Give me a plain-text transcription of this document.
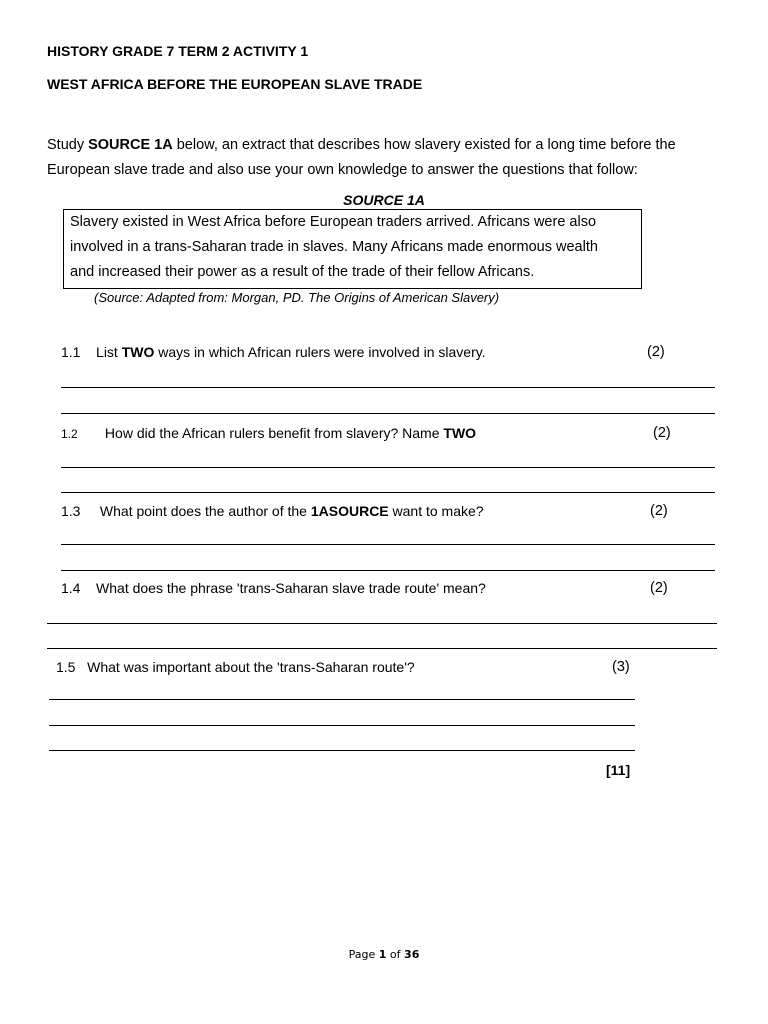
HISTORY GRADE 7 TERM 2 ACTIVITY 1
WEST AFRICA BEFORE THE EUROPEAN SLAVE TRADE
Study SOURCE 1A below, an extract that describes how slavery existed for a long time before the European slave trade and also use your own knowledge to answer the questions that follow:
SOURCE 1A
Slavery existed in West Africa before European traders arrived. Africans were also
involved in a trans-Saharan trade in slaves. Many Africans made enormous wealth
and increased their power as a result of the trade of their fellow Africans.
(Source: Adapted from: Morgan, PD. The Origins of American Slavery)
1.1 List TWO ways in which African rulers were involved in slavery.	(2)
1.2 How did the African rulers benefit from slavery? Name TWO	(2)
1.3 What point does the author of the 1ASOURCE want to make?	(2)
1.4 What does the phrase 'trans-Saharan slave trade route' mean?	(2)
1.5 What was important about the 'trans-Saharan route'?	(3)
[11]
Page 1 of 36
